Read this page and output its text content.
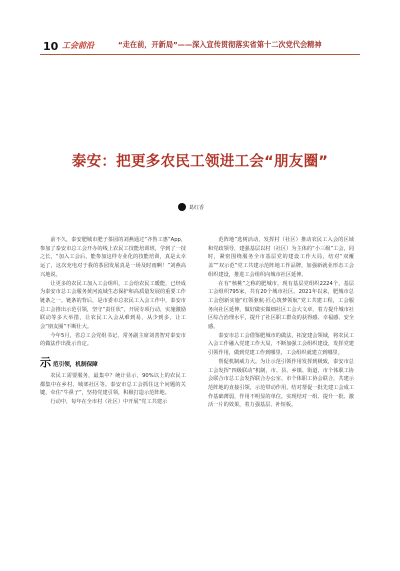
10 工会前沿	“走在前，开新局”——深入宣传贯彻落实省第十二次党代会精神
泰安：把更多农民工领进工会“朋友圈”
葛红香

前不久，泰安肥城市肥子茶园的刘燕通过“齐鲁工惠”App，参加了泰安市总工会开办的线上农民工技能培训班，学到了一技之长，“加入工会后，能参加这样专业化的技能培训，真是太幸运了，这次充电对于我的茶园发展真是一场及时雨啊！”刘燕高兴地说。

让更多的农民工加入工会组织，工会给农民工暖能，已经成为泰安市总工会服务黄河流域生态保护和高质量发展的重要工作链条之一。链条的背后，是市委市总农民工入会工作中，泰安市总工会推出示范引领，坚守“责任状”，开展专项行动，实施激励联动等多大举措，让农民工入会从难到易，从少到多，让工会“朋友圈”不断壮大。

今年5月，省总工会党组书记、常务副主席刘善智对泰安市的做法作出批示肯定。

示 范引领，机制保障

农民工需要服务，最集中？统计显示，90%以上的农民工都集中在乡村、城郊社区等。泰安市总工会抓住这个问题的关键，牵住“牛鼻子”，坚持党建引领，积极打造示范阵地。

行动中，每年在全市村（社区）中开展“党工共建示

范阵地”选树活动，发挥村（社区）推动农民工入会的区域和党政领导，建强基层以村（社区）为主体的“小三级”工会，同时，紧密围绕服务全市基层党的建设工作大局，结对“双覆盖”“双示范”党工共建示范阵地工作品牌，加强新就业形态工会组织建设，推进工会组织向城市社区延伸。

在有“核桃”之称的肥城市，现有基层党组织2224个，基层工会组织795家，共有20个城市社区。2021年以来，肥城市总工会创新实施“红领驱航·匠心筑梦领航”党工共建工程，工会服务向社区延伸，做好做实做细社区工会大文章，着力提升城市社区综合治理水平，提升了社区职工群众的获得感、幸福感、安全感。

泰安市总工会借鉴肥城市的做法，拓宽建会领域，将农民工入会工作融入党建工作大局，不断加强工会组织建设，发挥党建引领作用，做到党建工作到哪里，工会组织就建立到哪里。

帮促机制威力大。为让示范引领作用发挥到极致，泰安市总工会发挥“四级联动”机制，市、县、乡镇、街道、市个体职工协会联合市总工会发挥联合办公室、市个体职工协会联合，共建示范阵地的直接引领，示范带动作用，结对帮促一批先建工会成工作基础薄弱，作用不明显的单位，实现结对一组、提升一批、激活一片的效果，着力强基层、补短板。
